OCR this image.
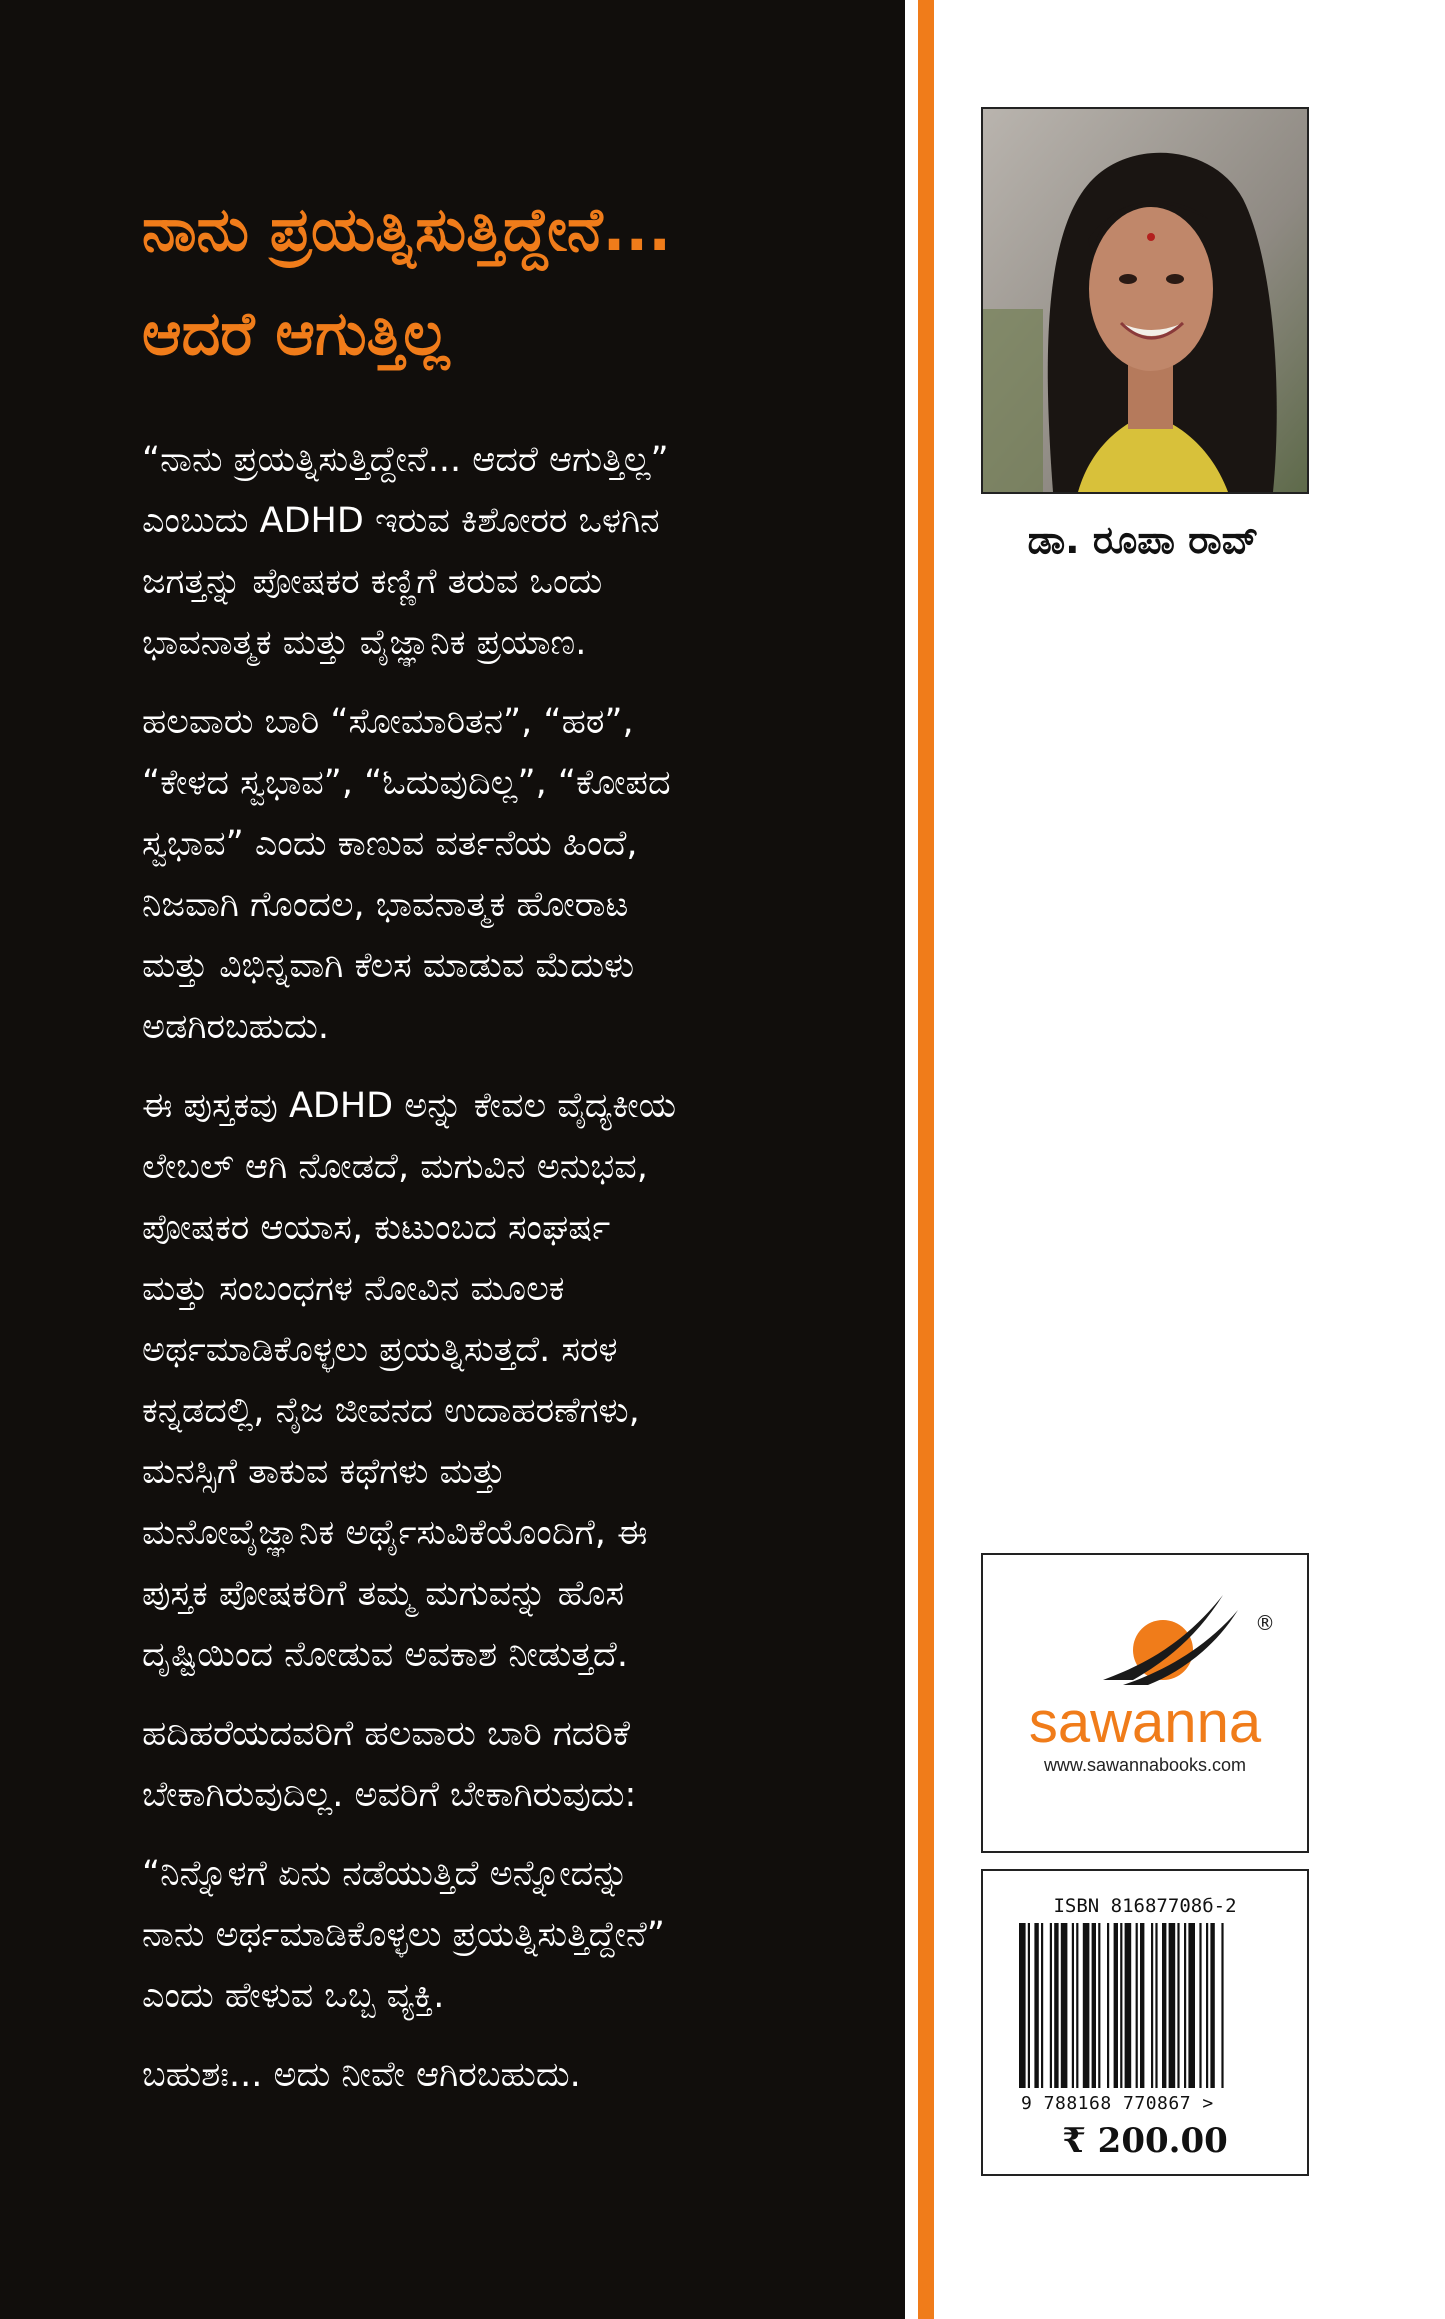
ನಾನು ಪ್ರಯತ್ನಿಸುತ್ತಿದ್ದೇನೆ...
ಆದರೆ ಆಗುತ್ತಿಲ್ಲ

“ನಾನು ಪ್ರಯತ್ನಿಸುತ್ತಿದ್ದೇನೆ... ಆದರೆ ಆಗುತ್ತಿಲ್ಲ”
ಎಂಬುದು ADHD ಇರುವ ಕಿಶೋರರ ಒಳಗಿನ
ಜಗತ್ತನ್ನು ಪೋಷಕರ ಕಣ್ಣಿಗೆ ತರುವ ಒಂದು
ಭಾವನಾತ್ಮಕ ಮತ್ತು ವೈಜ್ಞಾನಿಕ ಪ್ರಯಾಣ.

ಹಲವಾರು ಬಾರಿ “ಸೋಮಾರಿತನ”, “ಹಠ”,
“ಕೇಳದ ಸ್ವಭಾವ”, “ಓದುವುದಿಲ್ಲ”, “ಕೋಪದ
ಸ್ವಭಾವ” ಎಂದು ಕಾಣುವ ವರ್ತನೆಯ ಹಿಂದೆ,
ನಿಜವಾಗಿ ಗೊಂದಲ, ಭಾವನಾತ್ಮಕ ಹೋರಾಟ
ಮತ್ತು ವಿಭಿನ್ನವಾಗಿ ಕೆಲಸ ಮಾಡುವ ಮೆದುಳು
ಅಡಗಿರಬಹುದು.

ಈ ಪುಸ್ತಕವು ADHD ಅನ್ನು ಕೇವಲ ವೈದ್ಯಕೀಯ
ಲೇಬಲ್ ಆಗಿ ನೋಡದೆ, ಮಗುವಿನ ಅನುಭವ,
ಪೋಷಕರ ಆಯಾಸ, ಕುಟುಂಬದ ಸಂಘರ್ಷ
ಮತ್ತು ಸಂಬಂಧಗಳ ನೋವಿನ ಮೂಲಕ
ಅರ್ಥಮಾಡಿಕೊಳ್ಳಲು ಪ್ರಯತ್ನಿಸುತ್ತದೆ. ಸರಳ
ಕನ್ನಡದಲ್ಲಿ, ನೈಜ ಜೀವನದ ಉದಾಹರಣೆಗಳು,
ಮನಸ್ಸಿಗೆ ತಾಕುವ ಕಥೆಗಳು ಮತ್ತು
ಮನೋವೈಜ್ಞಾನಿಕ ಅರ್ಥೈಸುವಿಕೆಯೊಂದಿಗೆ, ಈ
ಪುಸ್ತಕ ಪೋಷಕರಿಗೆ ತಮ್ಮ ಮಗುವನ್ನು ಹೊಸ
ದೃಷ್ಟಿಯಿಂದ ನೋಡುವ ಅವಕಾಶ ನೀಡುತ್ತದೆ.

ಹದಿಹರೆಯದವರಿಗೆ ಹಲವಾರು ಬಾರಿ ಗದರಿಕೆ
ಬೇಕಾಗಿರುವುದಿಲ್ಲ. ಅವರಿಗೆ ಬೇಕಾಗಿರುವುದು:

“ನಿನ್ನೊಳಗೆ ಏನು ನಡೆಯುತ್ತಿದೆ ಅನ್ನೋದನ್ನು
ನಾನು ಅರ್ಥಮಾಡಿಕೊಳ್ಳಲು ಪ್ರಯತ್ನಿಸುತ್ತಿದ್ದೇನೆ”
ಎಂದು ಹೇಳುವ ಒಬ್ಬ ವ್ಯಕ್ತಿ.

ಬಹುಶಃ... ಅದು ನೀವೇ ಆಗಿರಬಹುದು.

ಡಾ. ರೂಪಾ ರಾವ್
®
sawanna
www.sawannabooks.com
ISBN 81687708б-2
9 788168 770867 >
₹ 200.00
